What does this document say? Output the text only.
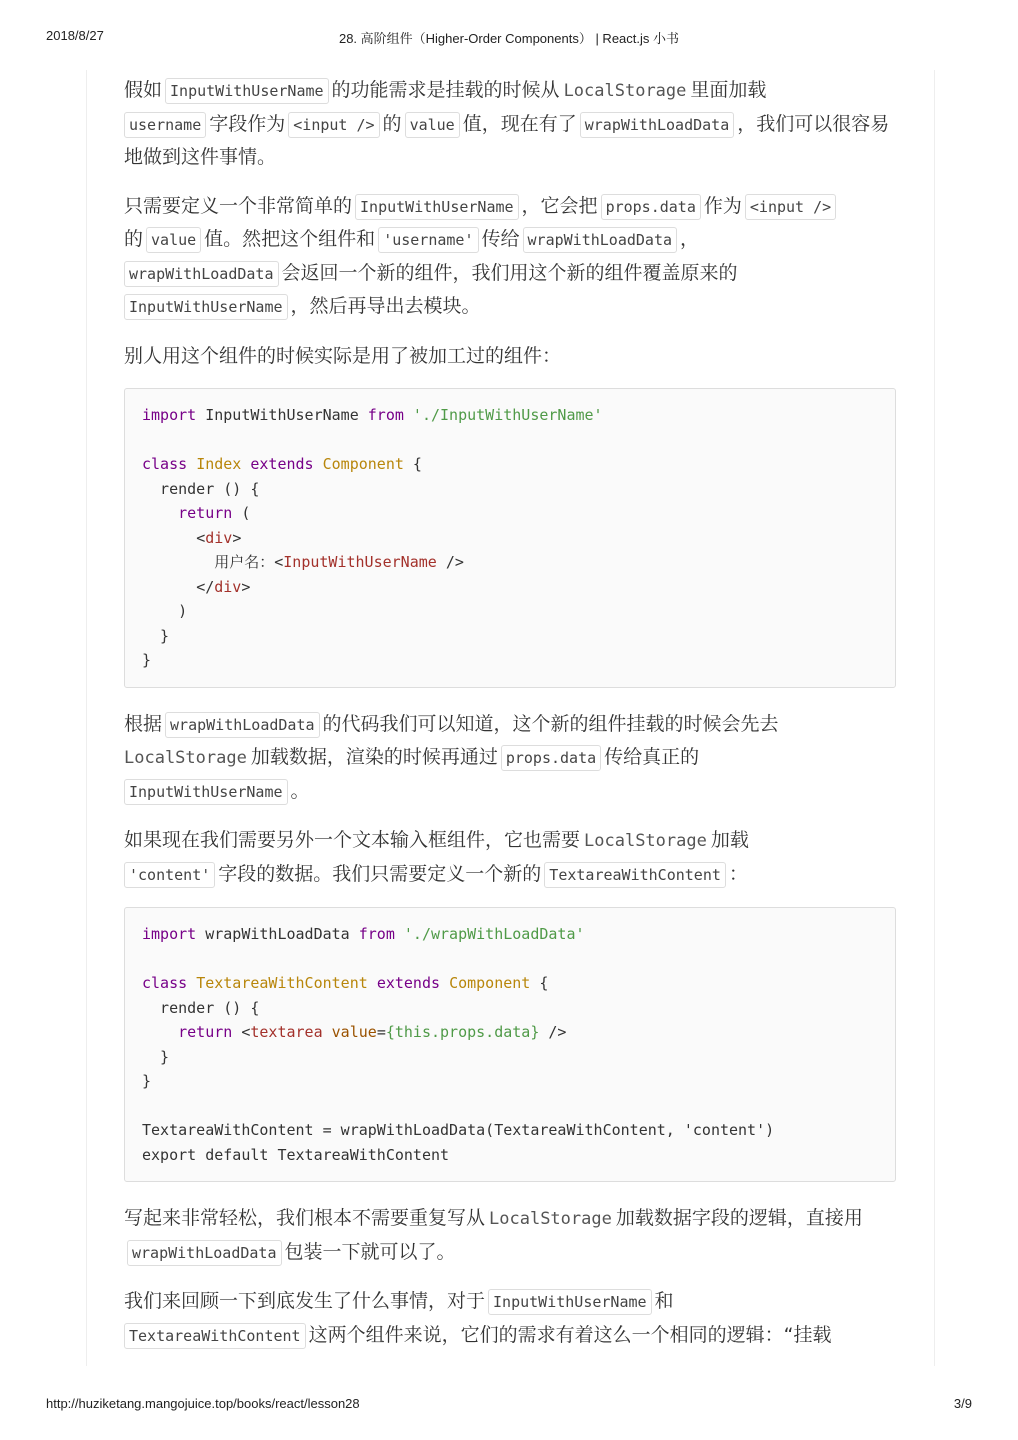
2018/8/27	28. 高阶组件（Higher-Order Components） | React.js 小书

假如 InputWithUserName 的功能需求是挂载的时候从 LocalStorage 里面加载
username 字段作为 <input /> 的 value 值，现在有了 wrapWithLoadData ，我们可以很容易地做到这件事情。

只需要定义一个非常简单的 InputWithUserName ，它会把 props.data 作为 <input />
的 value 值。然把这个组件和 'username' 传给 wrapWithLoadData ，
wrapWithLoadData 会返回一个新的组件，我们用这个新的组件覆盖原来的
InputWithUserName ，然后再导出去模块。

别人用这个组件的时候实际是用了被加工过的组件：

import InputWithUserName from './InputWithUserName'

class Index extends Component {
render () {
return (
<div>
用户名：<InputWithUserName />
</div>
)
}
}

根据 wrapWithLoadData 的代码我们可以知道，这个新的组件挂载的时候会先去
LocalStorage 加载数据，渲染的时候再通过 props.data 传给真正的
InputWithUserName 。

如果现在我们需要另外一个文本输入框组件，它也需要 LocalStorage 加载
'content' 字段的数据。我们只需要定义一个新的 TextareaWithContent ：

import wrapWithLoadData from './wrapWithLoadData'

class TextareaWithContent extends Component {
render () {
return <textarea value={this.props.data} />
}
}

TextareaWithContent = wrapWithLoadData(TextareaWithContent, 'content')
export default TextareaWithContent

写起来非常轻松，我们根本不需要重复写从 LocalStorage 加载数据字段的逻辑，直接用wrapWithLoadData 包装一下就可以了。

我们来回顾一下到底发生了什么事情，对于 InputWithUserName 和
TextareaWithContent 这两个组件来说，它们的需求有着这么一个相同的逻辑：“挂载

http://huziketang.mangojuice.top/books/react/lesson28	3/9
